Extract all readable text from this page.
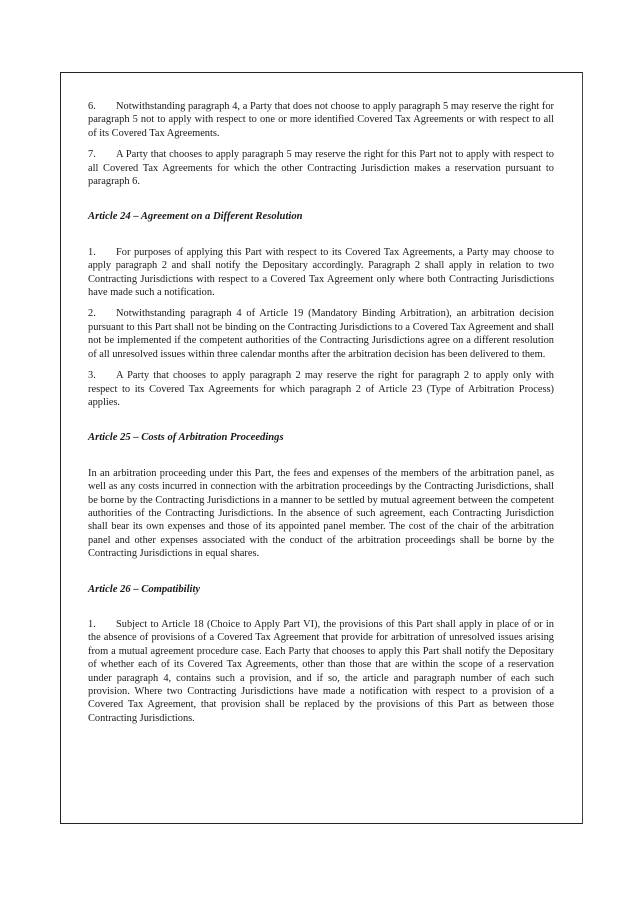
6. Notwithstanding paragraph 4, a Party that does not choose to apply paragraph 5 may reserve the right for paragraph 5 not to apply with respect to one or more identified Covered Tax Agreements or with respect to all of its Covered Tax Agreements.

7. A Party that chooses to apply paragraph 5 may reserve the right for this Part not to apply with respect to all Covered Tax Agreements for which the other Contracting Jurisdiction makes a reservation pursuant to paragraph 6.

Article 24 – Agreement on a Different Resolution

1. For purposes of applying this Part with respect to its Covered Tax Agreements, a Party may choose to apply paragraph 2 and shall notify the Depositary accordingly. Paragraph 2 shall apply in relation to two Contracting Jurisdictions with respect to a Covered Tax Agreement only where both Contracting Jurisdictions have made such a notification.

2. Notwithstanding paragraph 4 of Article 19 (Mandatory Binding Arbitration), an arbitration decision pursuant to this Part shall not be binding on the Contracting Jurisdictions to a Covered Tax Agreement and shall not be implemented if the competent authorities of the Contracting Jurisdictions agree on a different resolution of all unresolved issues within three calendar months after the arbitration decision has been delivered to them.

3. A Party that chooses to apply paragraph 2 may reserve the right for paragraph 2 to apply only with respect to its Covered Tax Agreements for which paragraph 2 of Article 23 (Type of Arbitration Process) applies.

Article 25 – Costs of Arbitration Proceedings

In an arbitration proceeding under this Part, the fees and expenses of the members of the arbitration panel, as well as any costs incurred in connection with the arbitration proceedings by the Contracting Jurisdictions, shall be borne by the Contracting Jurisdictions in a manner to be settled by mutual agreement between the competent authorities of the Contracting Jurisdictions. In the absence of such agreement, each Contracting Jurisdiction shall bear its own expenses and those of its appointed panel member. The cost of the chair of the arbitration panel and other expenses associated with the conduct of the arbitration proceedings shall be borne by the Contracting Jurisdictions in equal shares.

Article 26 – Compatibility

1. Subject to Article 18 (Choice to Apply Part VI), the provisions of this Part shall apply in place of or in the absence of provisions of a Covered Tax Agreement that provide for arbitration of unresolved issues arising from a mutual agreement procedure case. Each Party that chooses to apply this Part shall notify the Depositary of whether each of its Covered Tax Agreements, other than those that are within the scope of a reservation under paragraph 4, contains such a provision, and if so, the article and paragraph number of each such provision. Where two Contracting Jurisdictions have made a notification with respect to a provision of a Covered Tax Agreement, that provision shall be replaced by the provisions of this Part as between those Contracting Jurisdictions.
